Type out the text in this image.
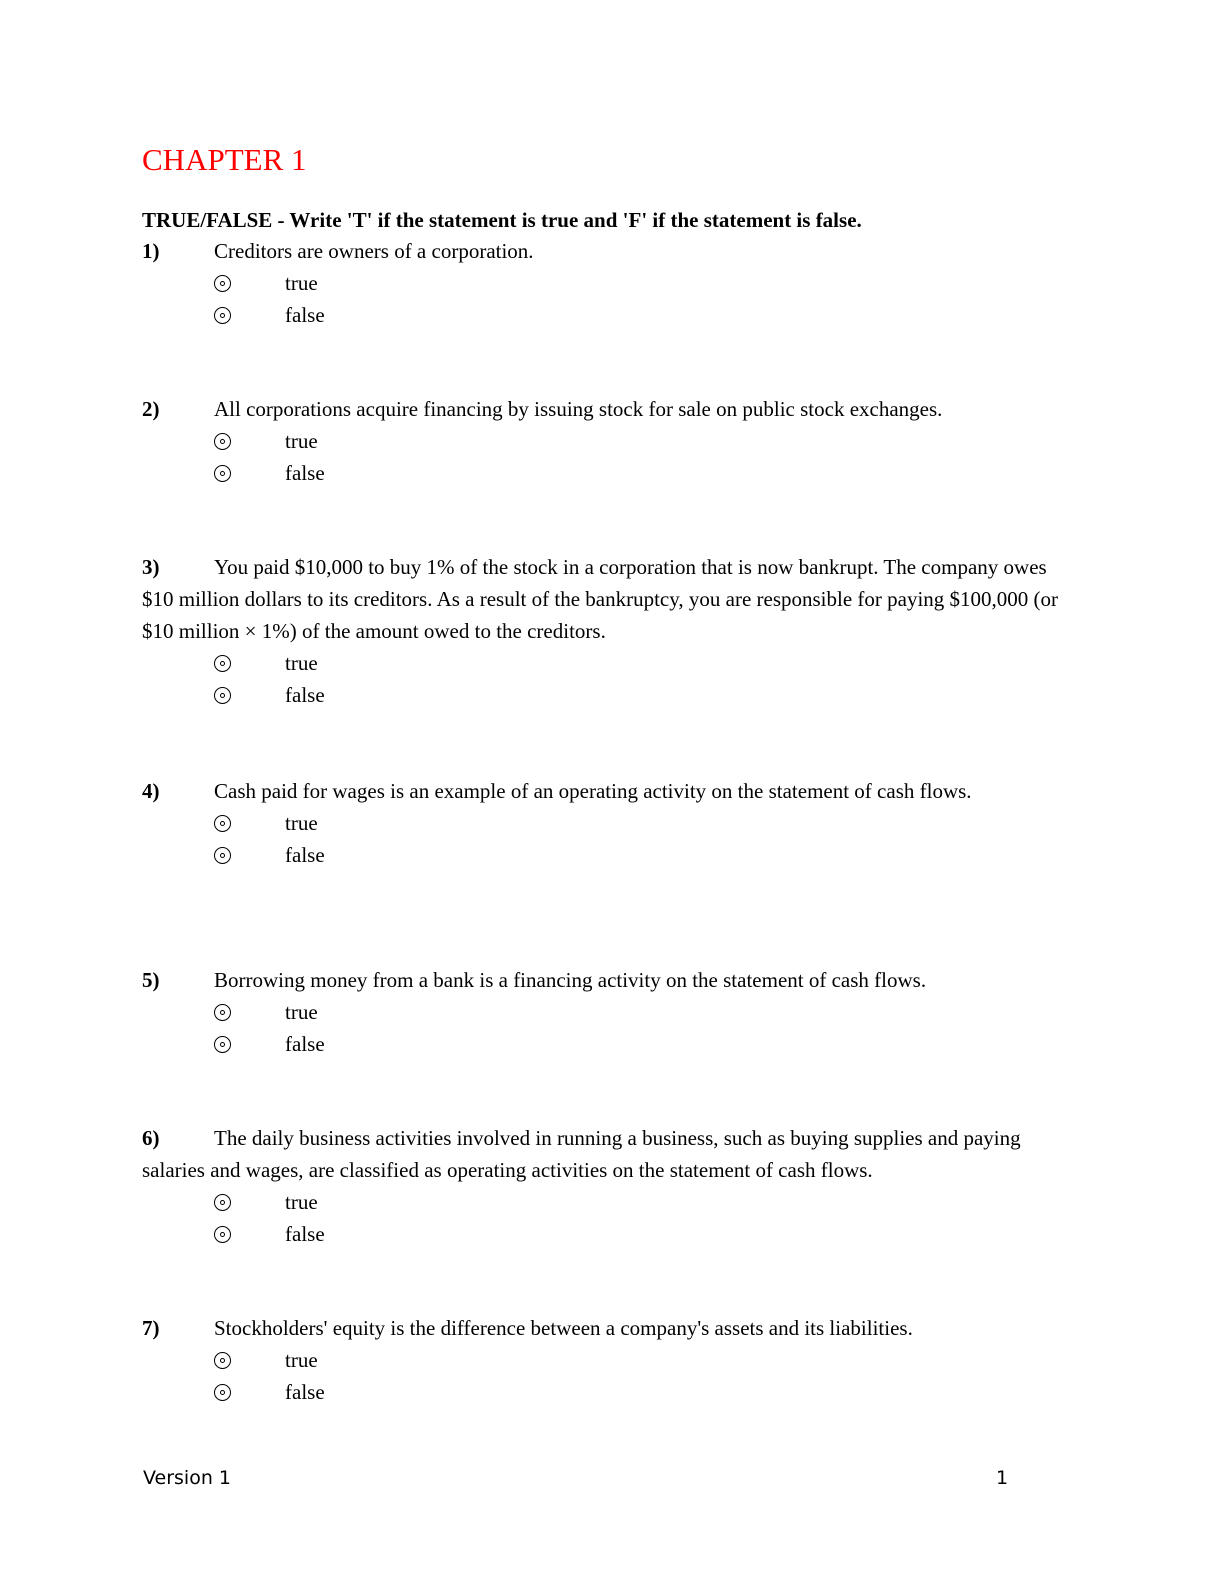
CHAPTER 1
TRUE/FALSE - Write 'T' if the statement is true and 'F' if the statement is false.

1)	Creditors are owners of a corporation.

true
false

2)	All corporations acquire financing by issuing stock for sale on public stock exchanges.

true
false

3)	You paid $10,000 to buy 1% of the stock in a corporation that is now bankrupt. The company owes $10 million dollars to its creditors. As a result of the bankruptcy, you are responsible for paying $100,000 (or $10 million × 1%) of the amount owed to the creditors.

true
false

4)	Cash paid for wages is an example of an operating activity on the statement of cash flows.

true
false

5)	Borrowing money from a bank is a financing activity on the statement of cash flows.

true
false

6)	The daily business activities involved in running a business, such as buying supplies and paying salaries and wages, are classified as operating activities on the statement of cash flows.

true
false

7)	Stockholders' equity is the difference between a company's assets and its liabilities.

true
false
Version 1	1
